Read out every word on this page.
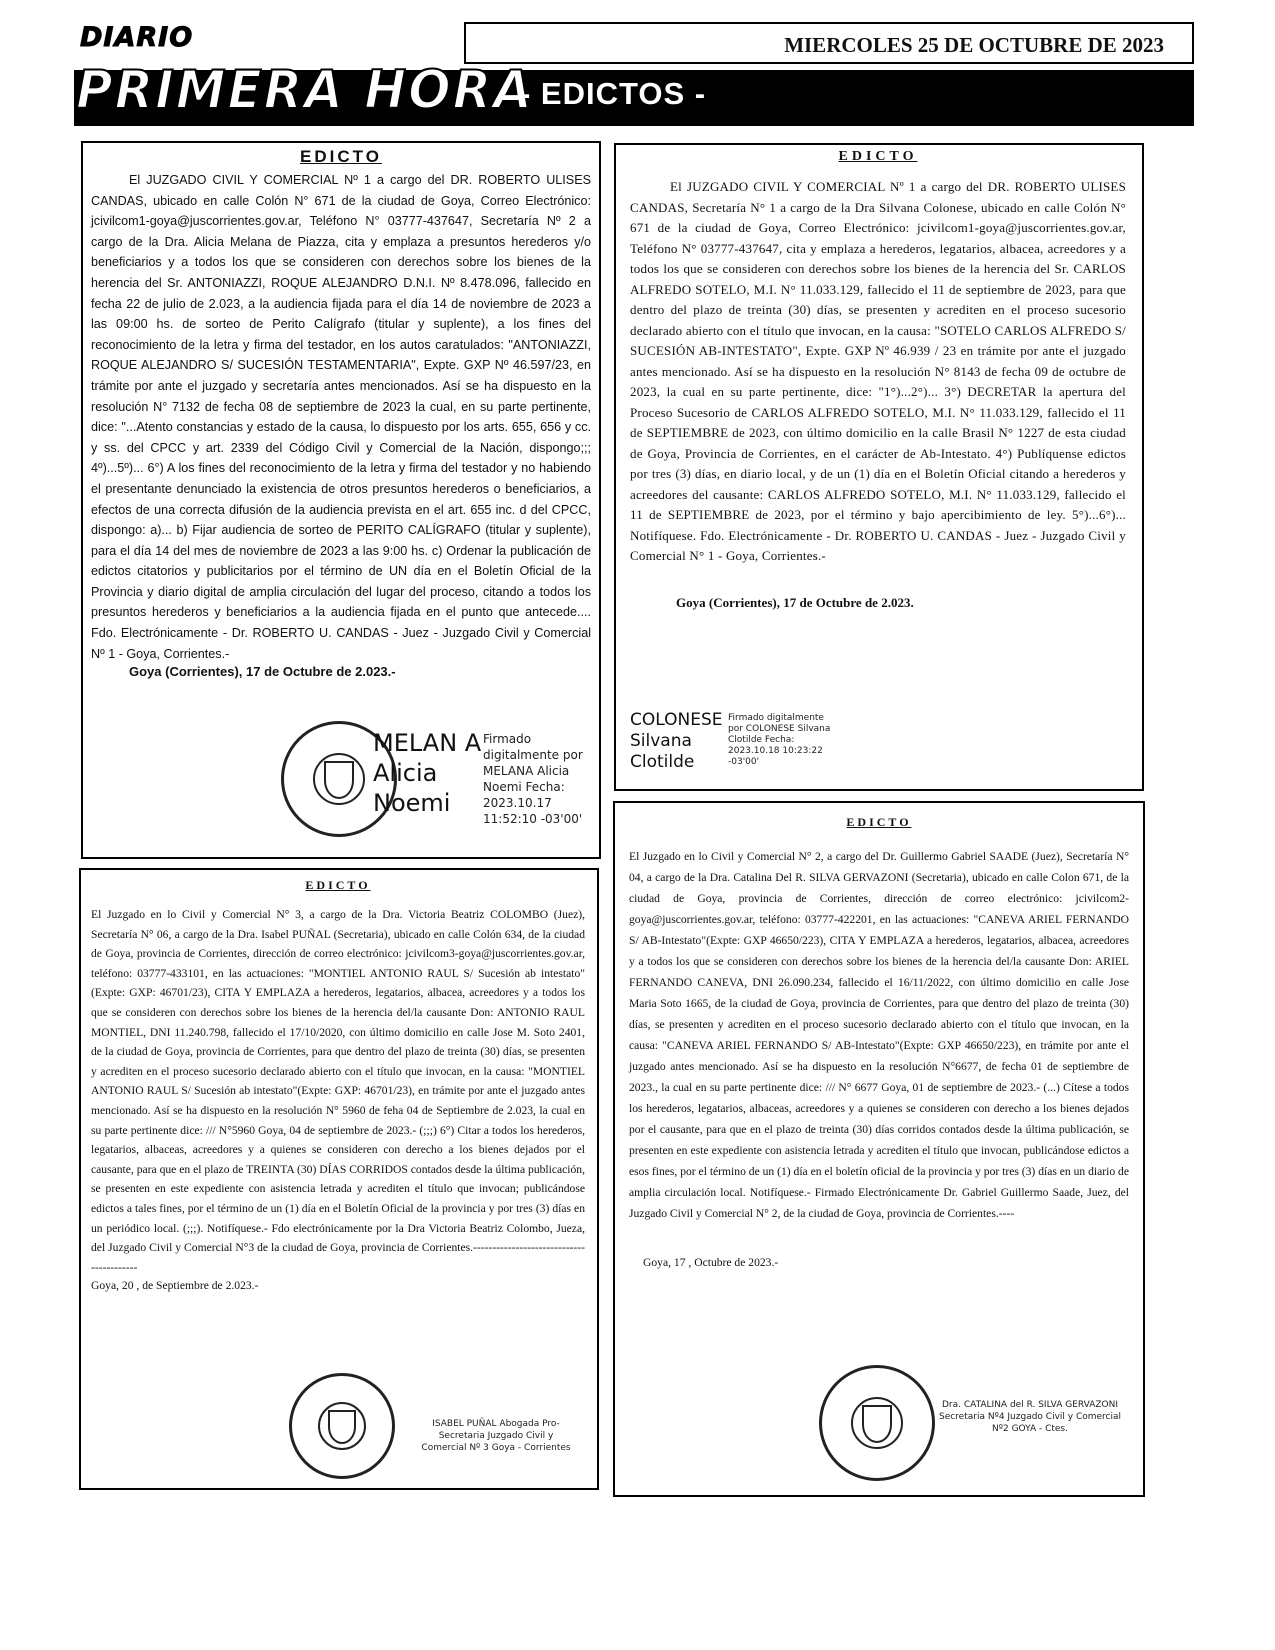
DIARIO	MIERCOLES 25 DE OCTUBRE DE 2023
PRIMERA HORA
- EDICTOS -

EDICTO

El JUZGADO CIVIL Y COMERCIAL Nº 1 a cargo del DR. ROBERTO ULISES CANDAS, ubicado en calle Colón N° 671 de la ciudad de Goya, Correo Electrónico: jcivilcom1-goya@juscorrientes.gov.ar, Teléfono N° 03777-437647, Secretaría Nº 2 a cargo de la Dra. Alicia Melana de Piazza, cita y emplaza a presuntos herederos y/o beneficiarios y a todos los que se consideren con derechos sobre los bienes de la herencia del Sr. ANTONIAZZI, ROQUE ALEJANDRO D.N.I. Nº 8.478.096, fallecido en fecha 22 de julio de 2.023, a la audiencia fijada para el día 14 de noviembre de 2023 a las 09:00 hs. de sorteo de Perito Calígrafo (titular y suplente), a los fines del reconocimiento de la letra y firma del testador, en los autos caratulados: "ANTONIAZZI, ROQUE ALEJANDRO S/ SUCESIÓN TESTAMENTARIA", Expte. GXP Nº 46.597/23, en trámite por ante el juzgado y secretaría antes mencionados. Así se ha dispuesto en la resolución N° 7132 de fecha 08 de septiembre de 2023 la cual, en su parte pertinente, dice: "...Atento constancias y estado de la causa, lo dispuesto por los arts. 655, 656 y cc. y ss. del CPCC y art. 2339 del Código Civil y Comercial de la Nación, dispongo;;; 4º)...5º)... 6°) A los fines del reconocimiento de la letra y firma del testador y no habiendo el presentante denunciado la existencia de otros presuntos herederos o beneficiarios, a efectos de una correcta difusión de la audiencia prevista en el art. 655 inc. d del CPCC, dispongo: a)... b) Fijar audiencia de sorteo de PERITO CALÍGRAFO (titular y suplente), para el día 14 del mes de noviembre de 2023 a las 9:00 hs. c) Ordenar la publicación de edictos citatorios y publicitarios por el término de UN día en el Boletín Oficial de la Provincia y diario digital de amplia circulación del lugar del proceso, citando a todos los presuntos herederos y beneficiarios a la audiencia fijada en el punto que antecede.... Fdo. Electrónicamente - Dr. ROBERTO U. CANDAS - Juez - Juzgado Civil y Comercial Nº 1 - Goya, Corrientes.-

Goya (Corrientes), 17 de Octubre de 2.023.-

MELAN A Alicia Noemi
Firmado digitalmente por MELANA Alicia Noemi Fecha: 2023.10.17 11:52:10 -03'00'

EDICTO

El JUZGADO CIVIL Y COMERCIAL Nº 1 a cargo del DR. ROBERTO ULISES CANDAS, Secretaría N° 1 a cargo de la Dra Silvana Colonese, ubicado en calle Colón N° 671 de la ciudad de Goya, Correo Electrónico: jcivilcom1-goya@juscorrientes.gov.ar, Teléfono N° 03777-437647, cita y emplaza a herederos, legatarios, albacea, acreedores y a todos los que se consideren con derechos sobre los bienes de la herencia del Sr. CARLOS ALFREDO SOTELO, M.I. N° 11.033.129, fallecido el 11 de septiembre de 2023, para que dentro del plazo de treinta (30) días, se presenten y acrediten en el proceso sucesorio declarado abierto con el título que invocan, en la causa: "SOTELO CARLOS ALFREDO S/ SUCESIÓN AB-INTESTATO", Expte. GXP Nº 46.939 / 23 en trámite por ante el juzgado antes mencionado. Así se ha dispuesto en la resolución N° 8143 de fecha 09 de octubre de 2023, la cual en su parte pertinente, dice: "1°)...2°)... 3°) DECRETAR la apertura del Proceso Sucesorio de CARLOS ALFREDO SOTELO, M.I. N° 11.033.129, fallecido el 11 de SEPTIEMBRE de 2023, con último domicilio en la calle Brasil N° 1227 de esta ciudad de Goya, Provincia de Corrientes, en el carácter de Ab-Intestato. 4°) Publíquense edictos por tres (3) días, en diario local, y de un (1) día en el Boletín Oficial citando a herederos y acreedores del causante: CARLOS ALFREDO SOTELO, M.I. N° 11.033.129, fallecido el 11 de SEPTIEMBRE de 2023, por el término y bajo apercibimiento de ley. 5°)...6°)... Notifíquese. Fdo. Electrónicamente - Dr. ROBERTO U. CANDAS - Juez - Juzgado Civil y Comercial N° 1 - Goya, Corrientes.-

Goya (Corrientes), 17 de Octubre de 2.023.

COLONESE Silvana Clotilde
Firmado digitalmente por COLONESE Silvana Clotilde Fecha: 2023.10.18 10:23:22 -03'00'

EDICTO

El Juzgado en lo Civil y Comercial N° 3, a cargo de la Dra. Victoria Beatriz COLOMBO (Juez), Secretaría N° 06, a cargo de la Dra. Isabel PUÑAL (Secretaria), ubicado en calle Colón 634, de la ciudad de Goya, provincia de Corrientes, dirección de correo electrónico: jcivilcom3-goya@juscorrientes.gov.ar, teléfono: 03777-433101, en las actuaciones: "MONTIEL ANTONIO RAUL S/ Sucesión ab intestato"(Expte: GXP: 46701/23), CITA Y EMPLAZA a herederos, legatarios, albacea, acreedores y a todos los que se consideren con derechos sobre los bienes de la herencia del/la causante Don: ANTONIO RAUL MONTIEL, DNI 11.240.798, fallecido el 17/10/2020, con último domicilio en calle Jose M. Soto 2401, de la ciudad de Goya, provincia de Corrientes, para que dentro del plazo de treinta (30) días, se presenten y acrediten en el proceso sucesorio declarado abierto con el título que invocan, en la causa: "MONTIEL ANTONIO RAUL S/ Sucesión ab intestato"(Expte: GXP: 46701/23), en trámite por ante el juzgado antes mencionado. Así se ha dispuesto en la resolución N° 5960 de feha 04 de Septiembre de 2.023, la cual en su parte pertinente dice: /// N°5960 Goya, 04 de septiembre de 2023.- (;;;) 6°) Citar a todos los herederos, legatarios, albaceas, acreedores y a quienes se consideren con derecho a los bienes dejados por el causante, para que en el plazo de TREINTA (30) DÍAS CORRIDOS contados desde la última publicación, se presenten en este expediente con asistencia letrada y acrediten el título que invocan; publicándose edictos a tales fines, por el término de un (1) día en el Boletín Oficial de la provincia y por tres (3) días en un periódico local. (;;;). Notifíquese.- Fdo electrónicamente por la Dra Victoria Beatriz Colombo, Jueza, del Juzgado Civil y Comercial N°3 de la ciudad de Goya, provincia de Corrientes.-----------------------------------------

Goya, 20 , de Septiembre de 2.023.-

ISABEL PUÑAL Abogada Pro-Secretaria Juzgado Civil y Comercial Nº 3 Goya - Corrientes

EDICTO

El Juzgado en lo Civil y Comercial N° 2, a cargo del Dr. Guillermo Gabriel SAADE (Juez), Secretaría N° 04, a cargo de la Dra. Catalina Del R. SILVA GERVAZONI (Secretaria), ubicado en calle Colon 671, de la ciudad de Goya, provincia de Corrientes, dirección de correo electrónico: jcivilcom2-goya@juscorrientes.gov.ar, teléfono: 03777-422201, en las actuaciones: "CANEVA ARIEL FERNANDO S/ AB-Intestato"(Expte: GXP 46650/223), CITA Y EMPLAZA a herederos, legatarios, albacea, acreedores y a todos los que se consideren con derechos sobre los bienes de la herencia del/la causante Don: ARIEL FERNANDO CANEVA, DNI 26.090.234, fallecido el 16/11/2022, con último domicilio en calle Jose Maria Soto 1665, de la ciudad de Goya, provincia de Corrientes, para que dentro del plazo de treinta (30) días, se presenten y acrediten en el proceso sucesorio declarado abierto con el título que invocan, en la causa: "CANEVA ARIEL FERNANDO S/ AB-Intestato"(Expte: GXP 46650/223), en trámite por ante el juzgado antes mencionado. Así se ha dispuesto en la resolución N°6677, de fecha 01 de septiembre de 2023., la cual en su parte pertinente dice: /// N° 6677 Goya, 01 de septiembre de 2023.- (...) Cítese a todos los herederos, legatarios, albaceas, acreedores y a quienes se consideren con derecho a los bienes dejados por el causante, para que en el plazo de treinta (30) días corridos contados desde la última publicación, se presenten en este expediente con asistencia letrada y acrediten el título que invocan, publicándose edictos a esos fines, por el término de un (1) día en el boletín oficial de la provincia y por tres (3) días en un diario de amplia circulación local. Notifíquese.- Firmado Electrónicamente Dr. Gabriel Guillermo Saade, Juez, del Juzgado Civil y Comercial N° 2, de la ciudad de Goya, provincia de Corrientes.----

Goya, 17 , Octubre de 2023.-

Dra. CATALINA del R. SILVA GERVAZONI Secretaria Nº4 Juzgado Civil y Comercial Nº2 GOYA - Ctes.
